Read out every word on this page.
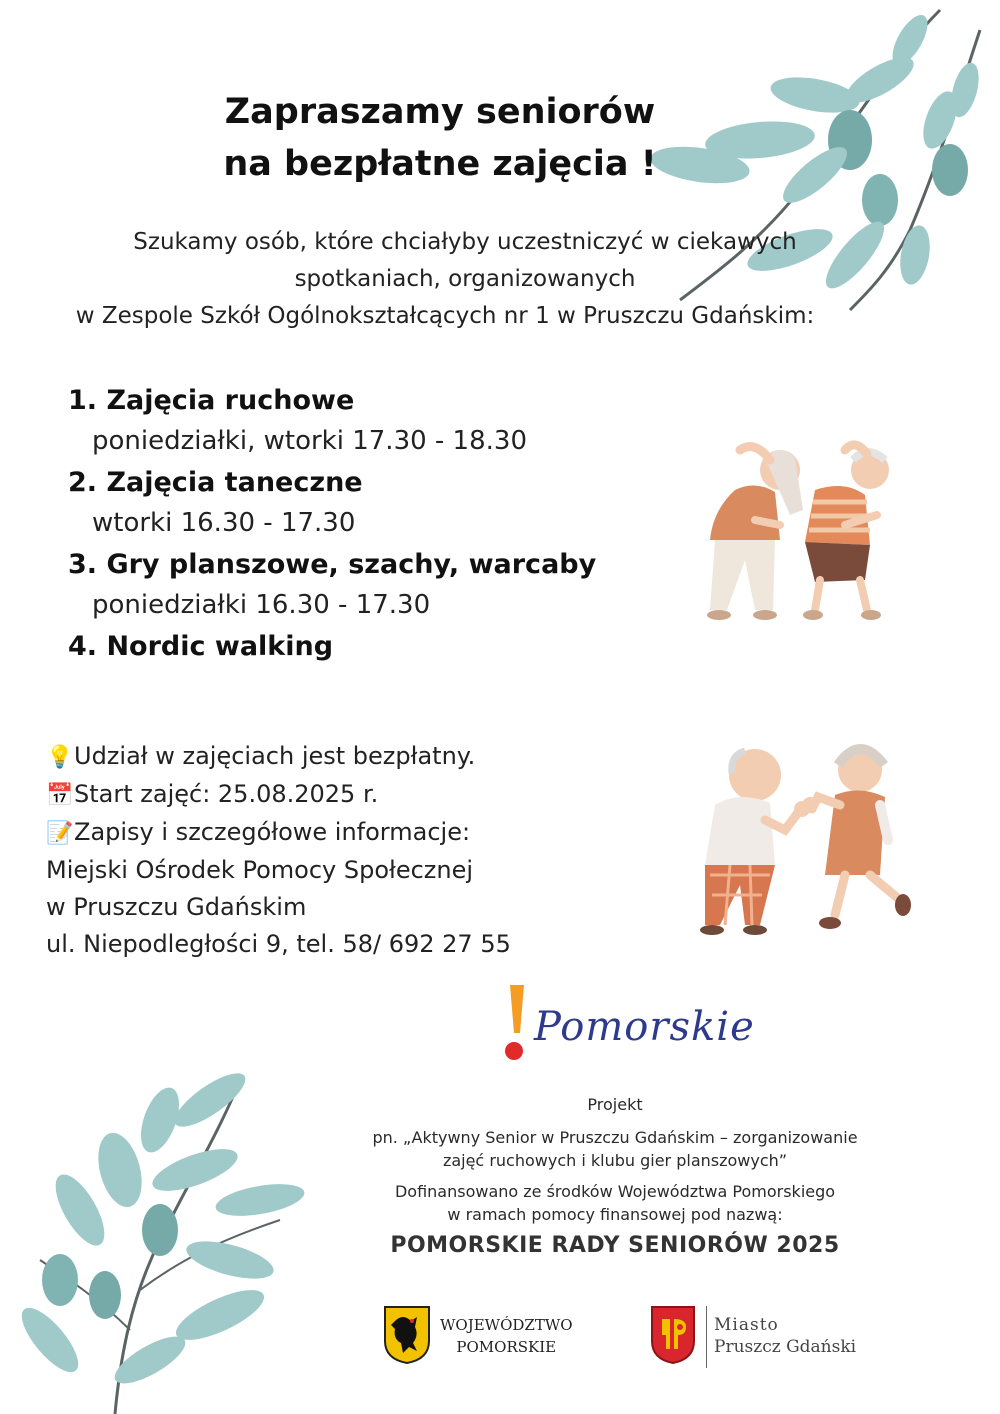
Zapraszamy seniorów
na bezpłatne zajęcia !
Szukamy osób, które chciałyby uczestniczyć w ciekawych
spotkaniach, organizowanych
w Zespole Szkół Ogólnokształcących nr 1 w Pruszczu Gdańskim:
1. Zajęcia ruchowe
poniedziałki, wtorki 17.30 - 18.30
2. Zajęcia taneczne
wtorki 16.30 - 17.30
3. Gry planszowe, szachy, warcaby
poniedziałki 16.30 - 17.30
4. Nordic walking
💡Udział w zajęciach jest bezpłatny.
📅Start zajęć: 25.08.2025 r.
📝Zapisy i szczegółowe informacje:
Miejski Ośrodek Pomocy Społecznej
w Pruszczu Gdańskim
ul. Niepodległości 9, tel. 58/ 692 27 55
Pomorskie
Projekt
pn. „Aktywny Senior w Pruszczu Gdańskim – zorganizowanie
zajęć ruchowych i klubu gier planszowych”
Dofinansowano ze środków Województwa Pomorskiego
w ramach pomocy finansowej pod nazwą:
POMORSKIE RADY SENIORÓW 2025
WOJEWÓDZTWO
POMORSKIE
Miasto
Pruszcz Gdański
